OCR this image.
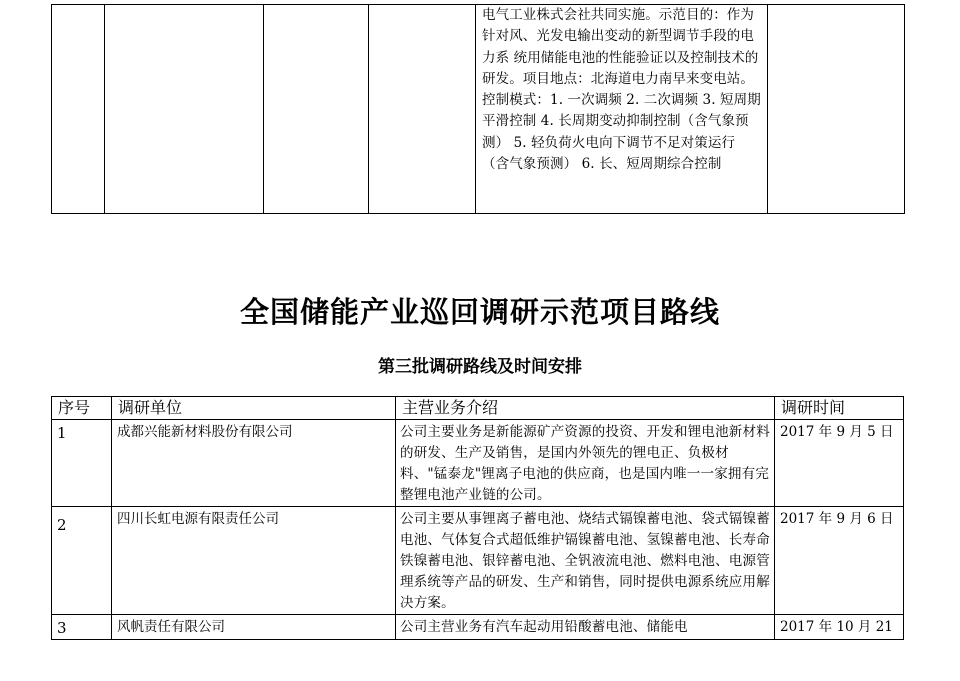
				电气工业株式会社共同实施。示范目的：作为针对风、光发电输出变动的新型调节手段的电力系 统用储能电池的性能验证以及控制技术的研发。项目地点：北海道电力南早来变电站。控制模式：1. 一次调频 2. 二次调频 3. 短周期平滑控制 4. 长周期变动抑制控制（含气象预测） 5. 轻负荷火电向下调节不足对策运行（含气象预测） 6. 长、短周期综合控制	
全国储能产业巡回调研示范项目路线
第三批调研路线及时间安排
序号	调研单位	主营业务介绍	调研时间
1	成都兴能新材料股份有限公司	公司主要业务是新能源矿产资源的投资、开发和锂电池新材料的研发、生产及销售，是国内外领先的锂电正、负极材料、"锰泰龙"锂离子电池的供应商，也是国内唯一一家拥有完整锂电池产业链的公司。	2017 年 9 月 5 日
2	四川长虹电源有限责任公司	公司主要从事锂离子蓄电池、烧结式镉镍蓄电池、袋式镉镍蓄电池、气体复合式超低维护镉镍蓄电池、氢镍蓄电池、长寿命铁镍蓄电池、银锌蓄电池、全钒液流电池、燃料电池、电源管理系统等产品的研发、生产和销售，同时提供电源系统应用解决方案。	2017 年 9 月 6 日
3	风帆责任有限公司	公司主营业务有汽车起动用铅酸蓄电池、储能电	2017 年 10 月 21
